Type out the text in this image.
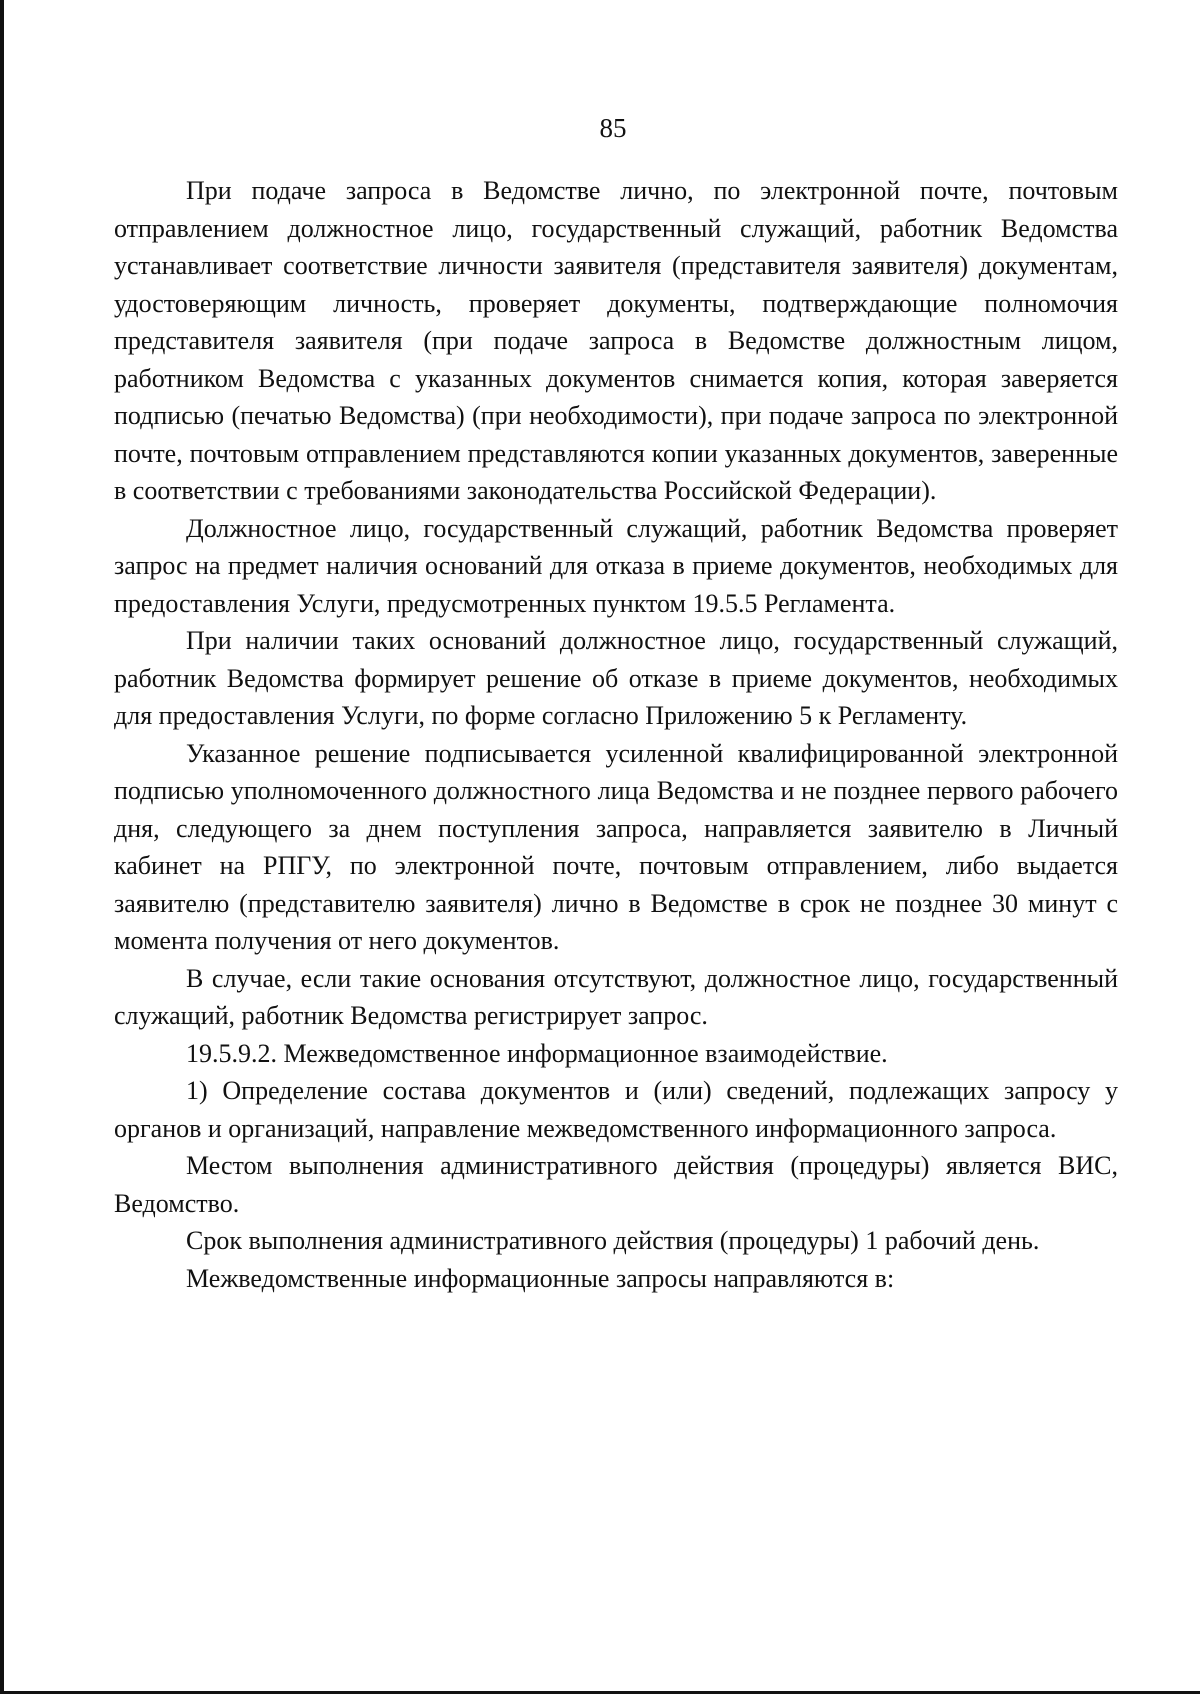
85

При подаче запроса в Ведомстве лично, по электронной почте, почтовым отправлением должностное лицо, государственный служащий, работник Ведомства устанавливает соответствие личности заявителя (представителя заявителя) документам, удостоверяющим личность, проверяет документы, подтверждающие полномочия представителя заявителя (при подаче запроса в Ведомстве должностным лицом, работником Ведомства с указанных документов снимается копия, которая заверяется подписью (печатью Ведомства) (при необходимости), при подаче запроса по электронной почте, почтовым отправлением представляются копии указанных документов, заверенные в соответствии с требованиями законодательства Российской Федерации).

Должностное лицо, государственный служащий, работник Ведомства проверяет запрос на предмет наличия оснований для отказа в приеме документов, необходимых для предоставления Услуги, предусмотренных пунктом 19.5.5 Регламента.

При наличии таких оснований должностное лицо, государственный служащий, работник Ведомства формирует решение об отказе в приеме документов, необходимых для предоставления Услуги, по форме согласно Приложению 5 к Регламенту.

Указанное решение подписывается усиленной квалифицированной электронной подписью уполномоченного должностного лица Ведомства и не позднее первого рабочего дня, следующего за днем поступления запроса, направляется заявителю в Личный кабинет на РПГУ, по электронной почте, почтовым отправлением, либо выдается заявителю (представителю заявителя) лично в Ведомстве в срок не позднее 30 минут с момента получения от него документов.

В случае, если такие основания отсутствуют, должностное лицо, государственный служащий, работник Ведомства регистрирует запрос.

19.5.9.2. Межведомственное информационное взаимодействие.

1) Определение состава документов и (или) сведений, подлежащих запросу у органов и организаций, направление межведомственного информационного запроса.

Местом выполнения административного действия (процедуры) является ВИС, Ведомство.

Срок выполнения административного действия (процедуры) 1 рабочий день.

Межведомственные информационные запросы направляются в:
